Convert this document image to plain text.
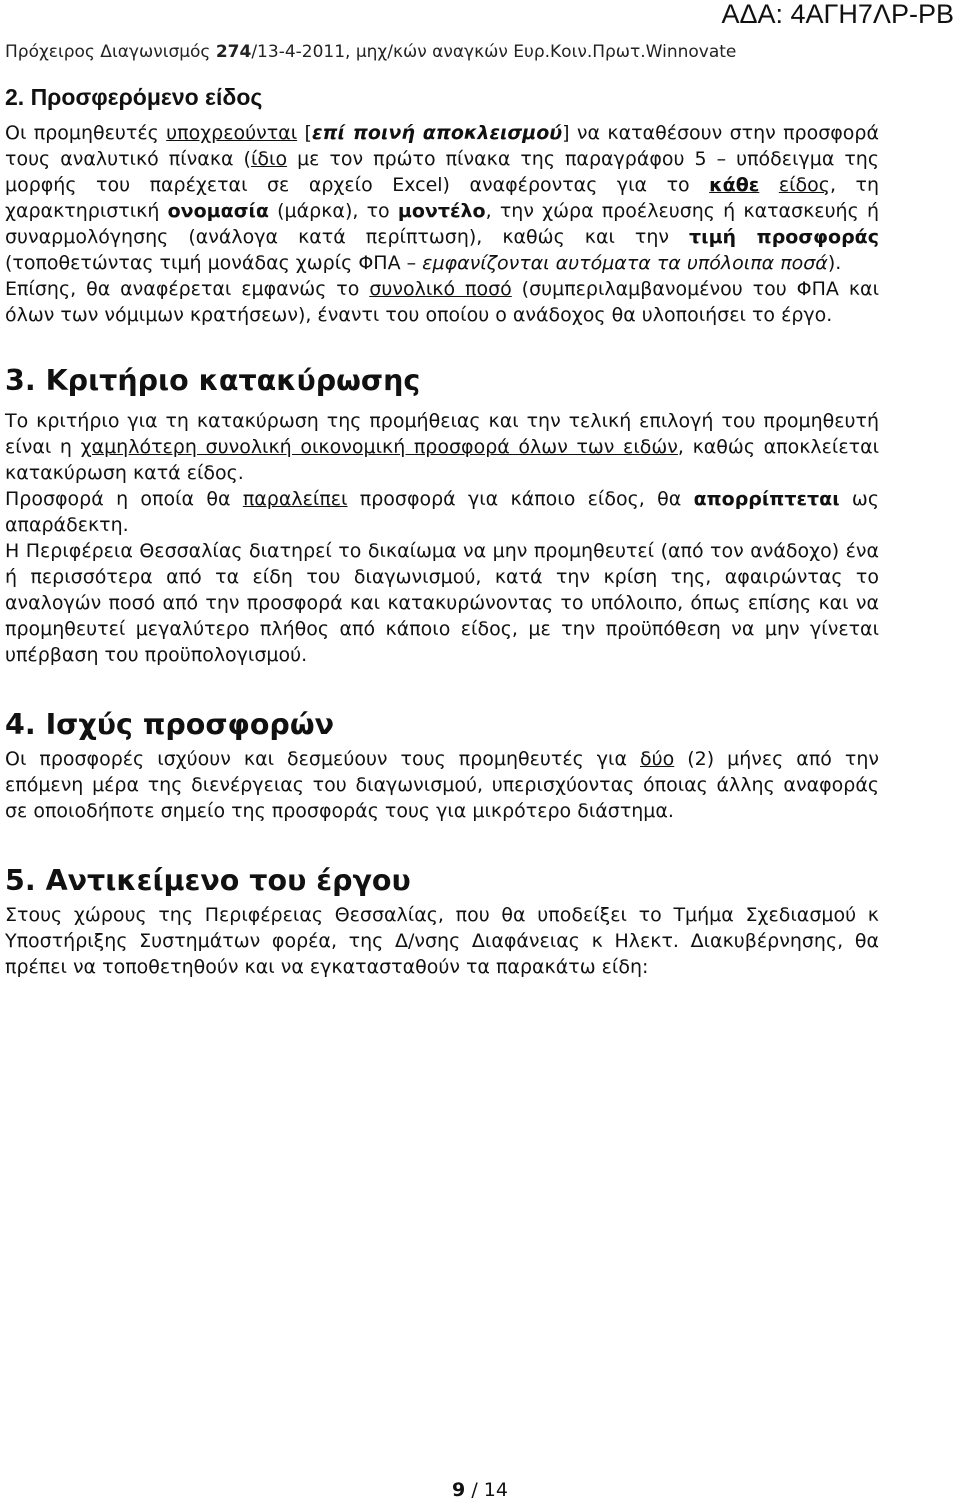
ΑΔΑ: 4ΑΓΗ7ΛΡ-ΡΒ
Πρόχειρος Διαγωνισμός 274/13-4-2011, μηχ/κών αναγκών Ευρ.Κοιν.Πρωτ.Winnovate
2. Προσφερόμενο είδος

Οι προμηθευτές υποχρεούνται [επί ποινή αποκλεισμού] να καταθέσουν στην προσφορά τους αναλυτικό πίνακα (ίδιο με τον πρώτο πίνακα της παραγράφου 5 – υπόδειγμα της μορφής του παρέχεται σε αρχείο Excel) αναφέροντας για το κάθε είδος, τη χαρακτηριστική ονομασία (μάρκα), το μοντέλο, την χώρα προέλευσης ή κατασκευής ή συναρμολόγησης (ανάλογα κατά περίπτωση), καθώς και την τιμή προσφοράς (τοποθετώντας τιμή μονάδας χωρίς ΦΠΑ – εμφανίζονται αυτόματα τα υπόλοιπα ποσά).

Επίσης, θα αναφέρεται εμφανώς το συνολικό ποσό (συμπεριλαμβανομένου του ΦΠΑ και όλων των νόμιμων κρατήσεων), έναντι του οποίου ο ανάδοχος θα υλοποιήσει το έργο.

3. Κριτήριο κατακύρωσης

Το κριτήριο για τη κατακύρωση της προμήθειας και την τελική επιλογή του προμηθευτή είναι η χαμηλότερη συνολική οικονομική προσφορά όλων των ειδών, καθώς αποκλείεται κατακύρωση κατά είδος.

Προσφορά η οποία θα παραλείπει προσφορά για κάποιο είδος, θα απορρίπτεται ως απαράδεκτη.

Η Περιφέρεια Θεσσαλίας διατηρεί το δικαίωμα να μην προμηθευτεί (από τον ανάδοχο) ένα ή περισσότερα από τα είδη του διαγωνισμού, κατά την κρίση της, αφαιρώντας το αναλογών ποσό από την προσφορά και κατακυρώνοντας το υπόλοιπο, όπως επίσης και να προμηθευτεί μεγαλύτερο πλήθος από κάποιο είδος, με την προϋπόθεση να μην γίνεται υπέρβαση του προϋπολογισμού.

4. Ισχύς προσφορών

Οι προσφορές ισχύουν και δεσμεύουν τους προμηθευτές για δύο (2) μήνες από την επόμενη μέρα της διενέργειας του διαγωνισμού, υπερισχύοντας όποιας άλλης αναφοράς σε οποιοδήποτε σημείο της προσφοράς τους για μικρότερο διάστημα.

5. Αντικείμενο του έργου

Στους χώρους της Περιφέρειας Θεσσαλίας, που θα υποδείξει το Τμήμα Σχεδιασμού κ Υποστήριξης Συστημάτων φορέα, της Δ/νσης Διαφάνειας κ Ηλεκτ. Διακυβέρνησης, θα πρέπει να τοποθετηθούν και να εγκατασταθούν τα παρακάτω είδη:

9 / 14
